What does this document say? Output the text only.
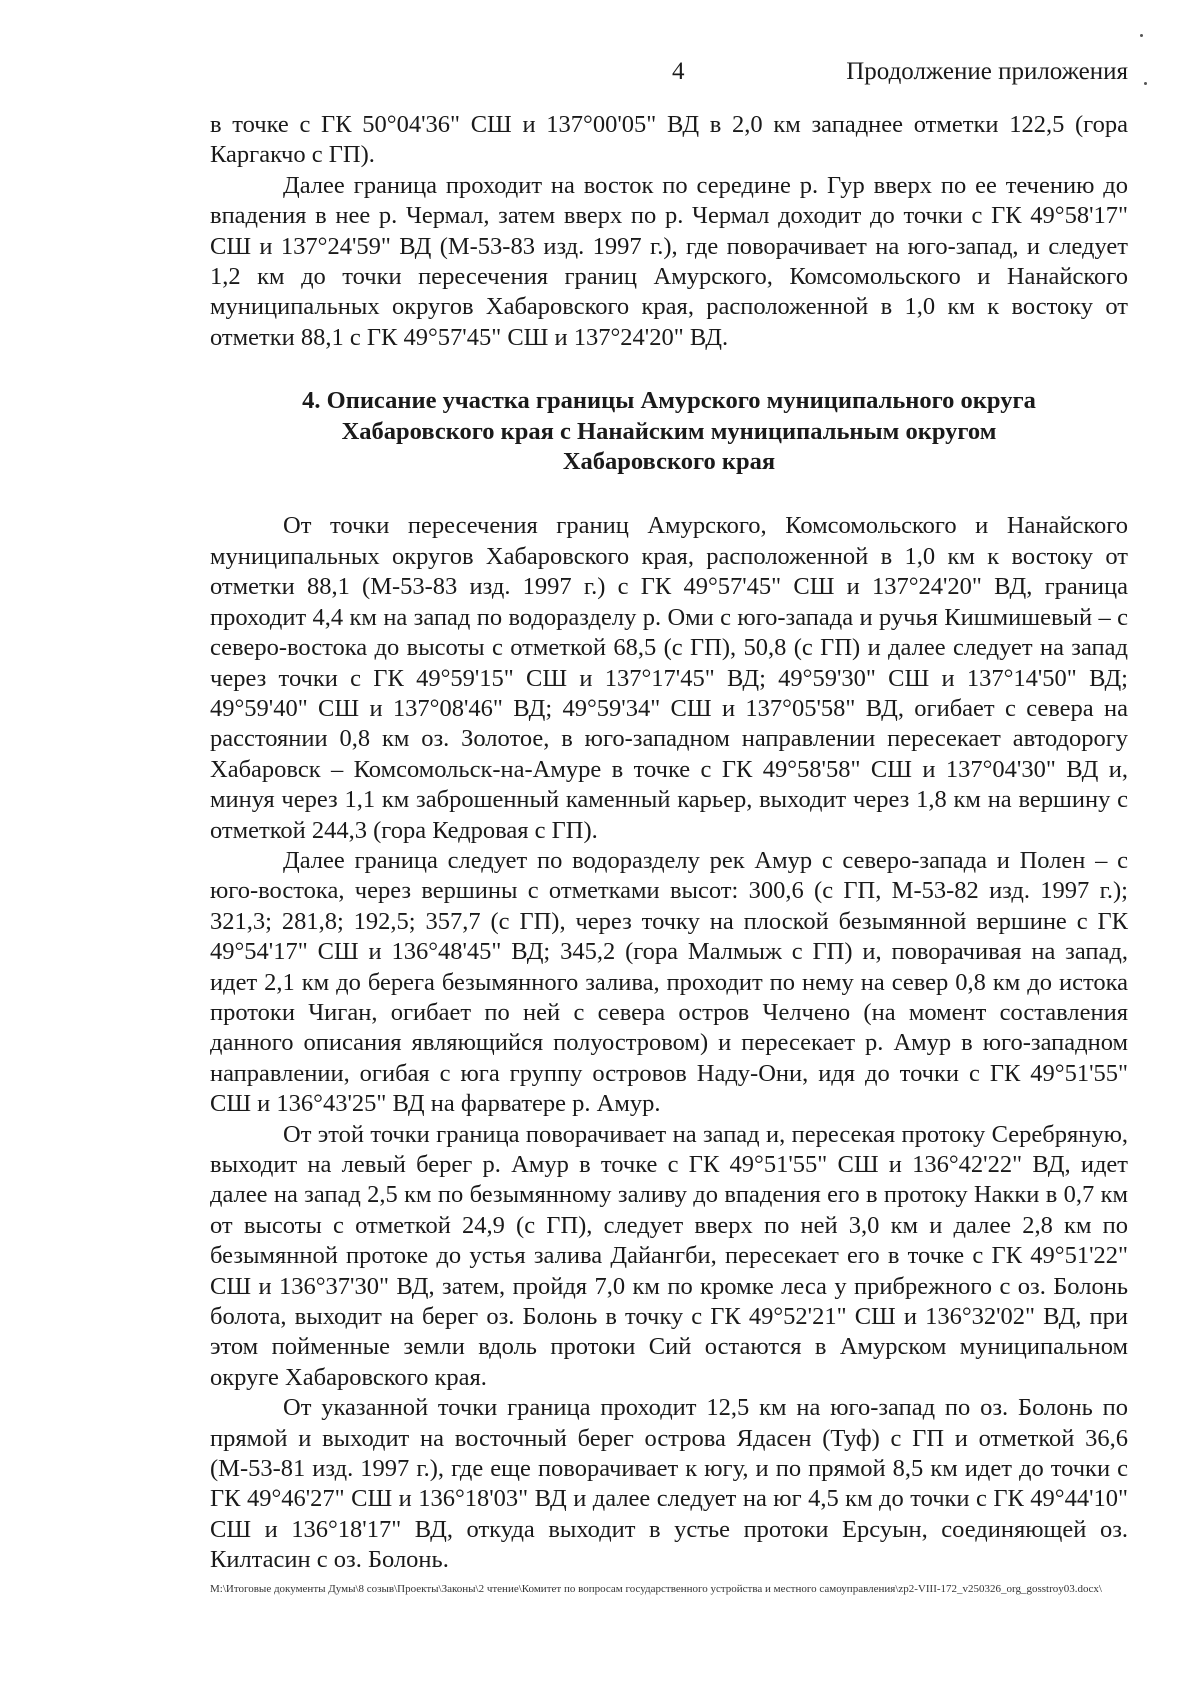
4	Продолжение приложения

в точке с ГК 50°04'36" СШ и 137°00'05" ВД в 2,0 км западнее отметки 122,5 (гора Каргакчо с ГП).

Далее граница проходит на восток по середине р. Гур вверх по ее течению до впадения в нее р. Чермал, затем вверх по р. Чермал доходит до точки с ГК 49°58'17" СШ и 137°24'59" ВД (М-53-83 изд. 1997 г.), где поворачивает на юго-запад, и следует 1,2 км до точки пересечения границ Амурского, Комсомольского и Нанайского муниципальных округов Хабаровского края, расположенной в 1,0 км к востоку от отметки 88,1 с ГК 49°57'45" СШ и 137°24'20" ВД.

4. Описание участка границы Амурского муниципального округа
Хабаровского края с Нанайским муниципальным округом
Хабаровского края

От точки пересечения границ Амурского, Комсомольского и Нанайского муниципальных округов Хабаровского края, расположенной в 1,0 км к востоку от отметки 88,1 (М-53-83 изд. 1997 г.) с ГК 49°57'45" СШ и 137°24'20" ВД, граница проходит 4,4 км на запад по водоразделу р. Оми с юго-запада и ручья Кишмишевый – с северо-востока до высоты с отметкой 68,5 (с ГП), 50,8 (с ГП) и далее следует на запад через точки с ГК 49°59'15" СШ и 137°17'45" ВД; 49°59'30" СШ и 137°14'50" ВД; 49°59'40" СШ и 137°08'46" ВД; 49°59'34" СШ и 137°05'58" ВД, огибает с севера на расстоянии 0,8 км оз. Золотое, в юго-западном направлении пересекает автодорогу Хабаровск – Комсомольск-на-Амуре в точке с ГК 49°58'58" СШ и 137°04'30" ВД и, минуя через 1,1 км заброшенный каменный карьер, выходит через 1,8 км на вершину с отметкой 244,3 (гора Кедровая с ГП).

Далее граница следует по водоразделу рек Амур с северо-запада и Полен – с юго-востока, через вершины с отметками высот: 300,6 (с ГП, М-53-82 изд. 1997 г.); 321,3; 281,8; 192,5; 357,7 (с ГП), через точку на плоской безымянной вершине с ГК 49°54'17" СШ и 136°48'45" ВД; 345,2 (гора Малмыж с ГП) и, поворачивая на запад, идет 2,1 км до берега безымянного залива, проходит по нему на север 0,8 км до истока протоки Чиган, огибает по ней с севера остров Челчено (на момент составления данного описания являющийся полуостровом) и пересекает р. Амур в юго-западном направлении, огибая с юга группу островов Наду-Они, идя до точки с ГК 49°51'55" СШ и 136°43'25" ВД на фарватере р. Амур.

От этой точки граница поворачивает на запад и, пересекая протоку Серебряную, выходит на левый берег р. Амур в точке с ГК 49°51'55" СШ и 136°42'22" ВД, идет далее на запад 2,5 км по безымянному заливу до впадения его в протоку Накки в 0,7 км от высоты с отметкой 24,9 (с ГП), следует вверх по ней 3,0 км и далее 2,8 км по безымянной протоке до устья залива Дайангби, пересекает его в точке с ГК 49°51'22" СШ и 136°37'30" ВД, затем, пройдя 7,0 км по кромке леса у прибрежного с оз. Болонь болота, выходит на берег оз. Болонь в точку с ГК 49°52'21" СШ и 136°32'02" ВД, при этом пойменные земли вдоль протоки Сий остаются в Амурском муниципальном округе Хабаровского края.

От указанной точки граница проходит 12,5 км на юго-запад по оз. Болонь по прямой и выходит на восточный берег острова Ядасен (Туф) с ГП и отметкой 36,6 (М-53-81 изд. 1997 г.), где еще поворачивает к югу, и по прямой 8,5 км идет до точки с ГК 49°46'27" СШ и 136°18'03" ВД и далее следует на юг 4,5 км до точки с ГК 49°44'10" СШ и 136°18'17" ВД, откуда выходит в устье протоки Ерсуын, соединяющей оз. Килтасин с оз. Болонь.

M:\Итоговые документы Думы\8 созыв\Проекты\Законы\2 чтение\Комитет по вопросам государственного устройства и местного самоуправления\zp2-VIII-172_v250326_org_gosstroy03.docx\
